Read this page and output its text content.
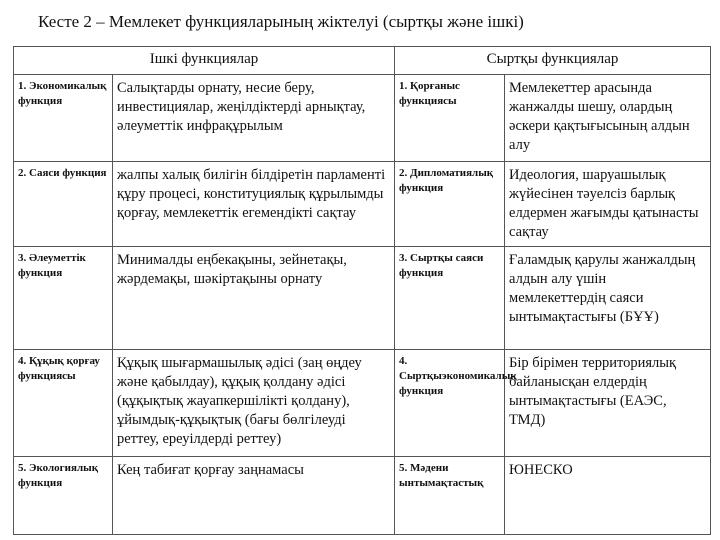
Кесте 2 – Мемлекет функцияларының жіктелуі (сыртқы және ішкі)
Ішкі функциялар		Сыртқы функциялар	
1. Экономикалық функция	Салықтарды орнату, несие беру, инвестициялар, жеңілдіктерді арнықтау, әлеуметтік инфрақұрылым	1. Қорғаныс функциясы	Мемлекеттер арасында жанжалды шешу, олардың әскери қақтығысының алдын алу
2. Саяси функция	жалпы халық билігін білдіретін парламенті құру процесі, конституциялық құрылымды қорғау, мемлекеттік егемендікті сақтау	2. Дипломатиялық функция	Идеология, шаруашылық жүйесінен тәуелсіз барлық елдермен жағымды қатынасты сақтау
3. Әлеуметтік функция	Минималды еңбекақыны, зейнетақы, жәрдемақы, шәкіртақыны орнату	3. Сыртқы саяси функция	Ғаламдық қарулы жанжалдың алдын алу үшін мемлекеттердің саяси ынтымақтастығы (БҰҰ)
4. Құқық қорғау функциясы	Құқық шығармашылық әдісі (заң өңдеу және қабылдау), құқық қолдану әдісі (құқықтық жауапкершілікті қолдану), ұйымдық-құқықтық (бағы бөлгілеуді реттеу, ереуілдерді реттеу)	4. Сыртқыэкономикалық функция	Бір бірімен территориялық байланысқан елдердің ынтымақтастығы (ЕАЭС, ТМД)
5. Экологиялық функция	Кең табиғат қорғау заңнамасы	5. Мәдени ынтымақтастық	ЮНЕСКО
